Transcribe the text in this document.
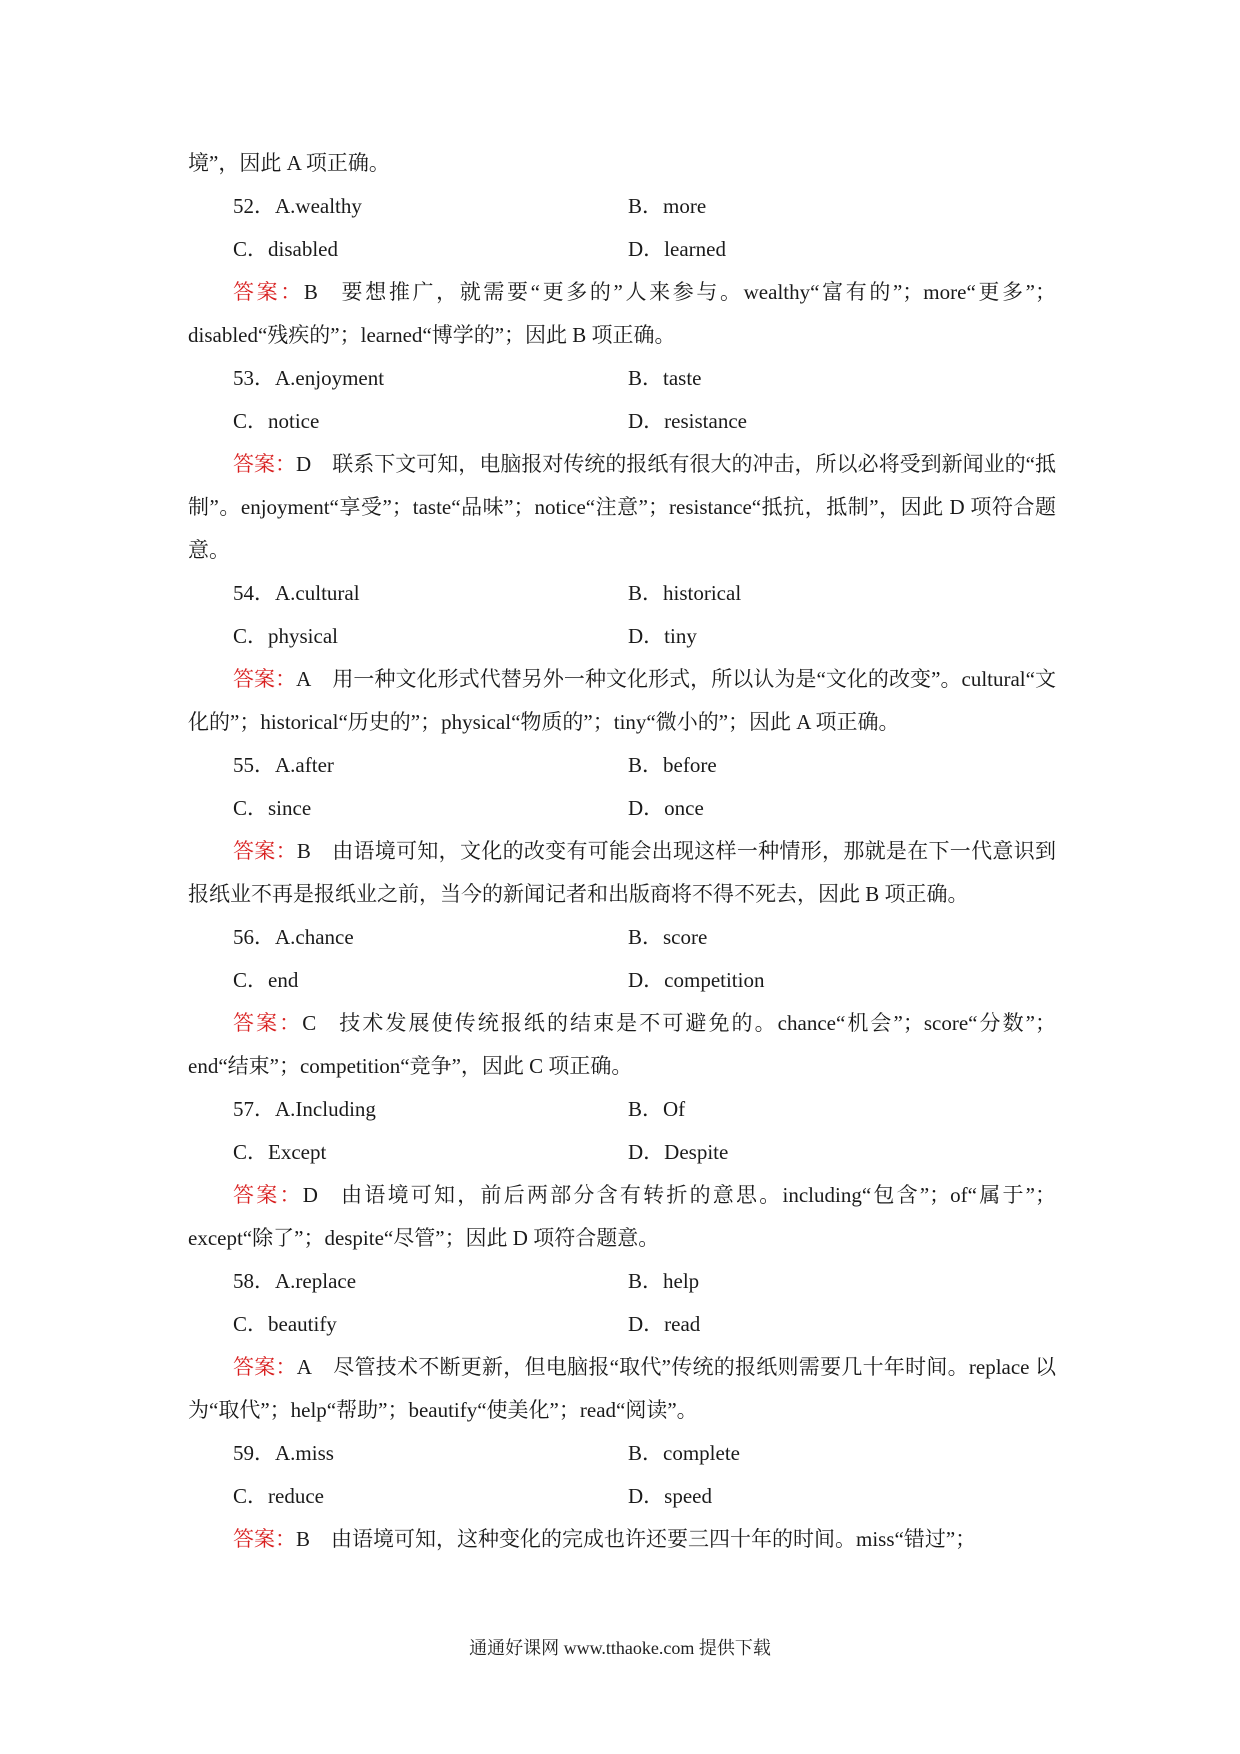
境”，因此 A 项正确。

52．A.wealthy	B．more
C．disabled	D．learned

答案：B  要想推广，就需要“更多的”人来参与。wealthy“富有的”；more“更多”；disabled“残疾的”；learned“博学的”；因此 B 项正确。

53．A.enjoyment	B．taste
C．notice	D．resistance

答案：D  联系下文可知，电脑报对传统的报纸有很大的冲击，所以必将受到新闻业的“抵制”。enjoyment“享受”；taste“品味”；notice“注意”；resistance“抵抗，抵制”，因此 D 项符合题意。

54．A.cultural	B．historical
C．physical	D．tiny

答案：A  用一种文化形式代替另外一种文化形式，所以认为是“文化的改变”。cultural“文化的”；historical“历史的”；physical“物质的”；tiny“微小的”；因此 A 项正确。

55．A.after	B．before
C．since	D．once

答案：B  由语境可知，文化的改变有可能会出现这样一种情形，那就是在下一代意识到报纸业不再是报纸业之前，当今的新闻记者和出版商将不得不死去，因此 B 项正确。

56．A.chance	B．score
C．end	D．competition

答案：C  技术发展使传统报纸的结束是不可避免的。chance“机会”；score“分数”；end“结束”；competition“竞争”，因此 C 项正确。

57．A.Including	B．Of
C．Except	D．Despite

答案：D  由语境可知，前后两部分含有转折的意思。including“包含”；of“属于”；except“除了”；despite“尽管”；因此 D 项符合题意。

58．A.replace	B．help
C．beautify	D．read

答案：A  尽管技术不断更新，但电脑报“取代”传统的报纸则需要几十年时间。replace 以为“取代”；help“帮助”；beautify“使美化”；read“阅读”。

59．A.miss	B．complete
C．reduce	D．speed

答案：B  由语境可知，这种变化的完成也许还要三四十年的时间。miss“错过”；

通通好课网 www.tthaoke.com 提供下载
